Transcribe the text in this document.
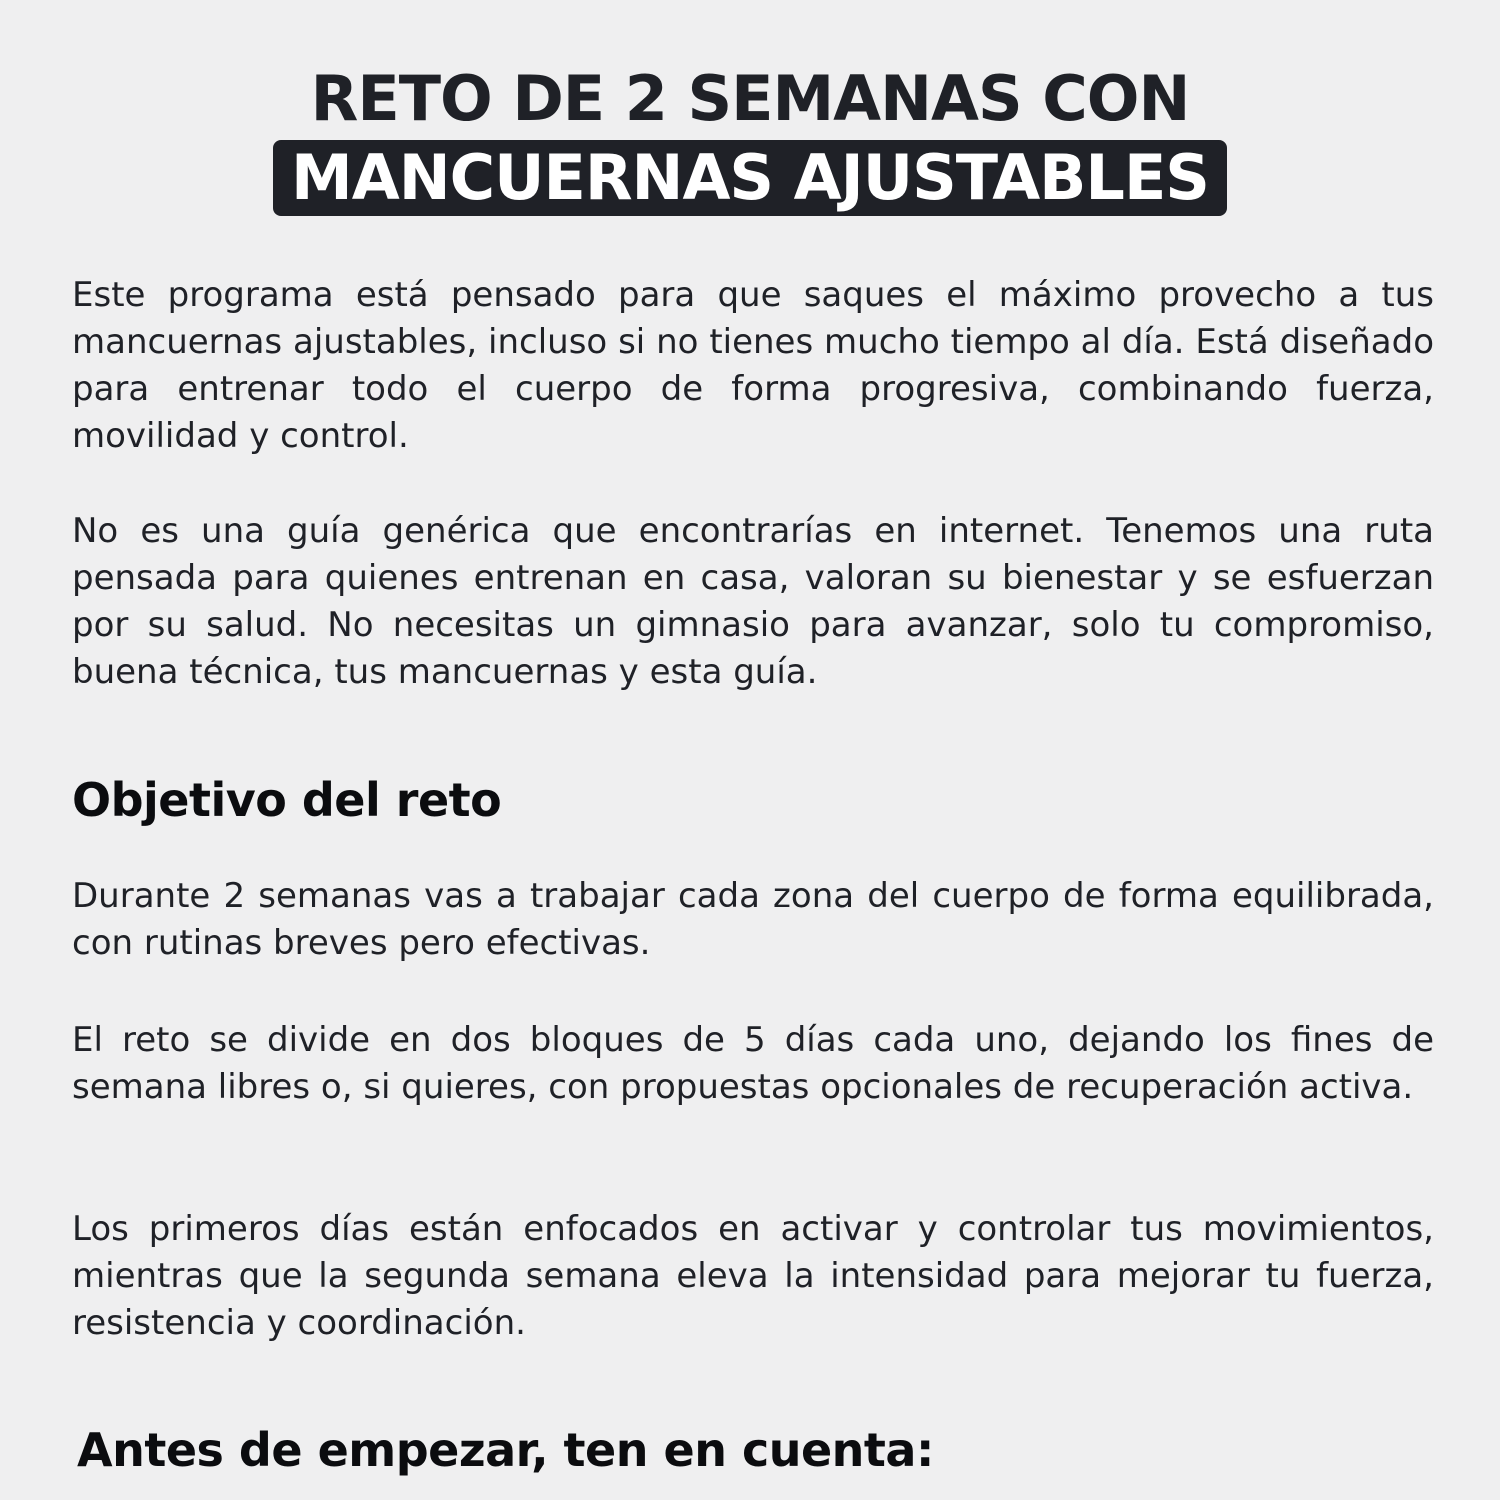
RETO DE 2 SEMANAS CON
MANCUERNAS AJUSTABLES

Este programa está pensado para que saques el máximo provecho a tus mancuernas ajustables, incluso si no tienes mucho tiempo al día. Está diseñado para entrenar todo el cuerpo de forma progresiva, combinando fuerza, movilidad y control.

No es una guía genérica que encontrarías en internet. Tenemos una ruta pensada para quienes entrenan en casa, valoran su bienestar y se esfuerzan por su salud. No necesitas un gimnasio para avanzar, solo tu compromiso, buena técnica, tus mancuernas y esta guía.

Objetivo del reto

Durante 2 semanas vas a trabajar cada zona del cuerpo de forma equilibrada, con rutinas breves pero efectivas.

El reto se divide en dos bloques de 5 días cada uno, dejando los fines de semana libres o, si quieres, con propuestas opcionales de recuperación activa.

Los primeros días están enfocados en activar y controlar tus movimientos, mientras que la segunda semana eleva la intensidad para mejorar tu fuerza, resistencia y coordinación.

Antes de empezar, ten en cuenta:
